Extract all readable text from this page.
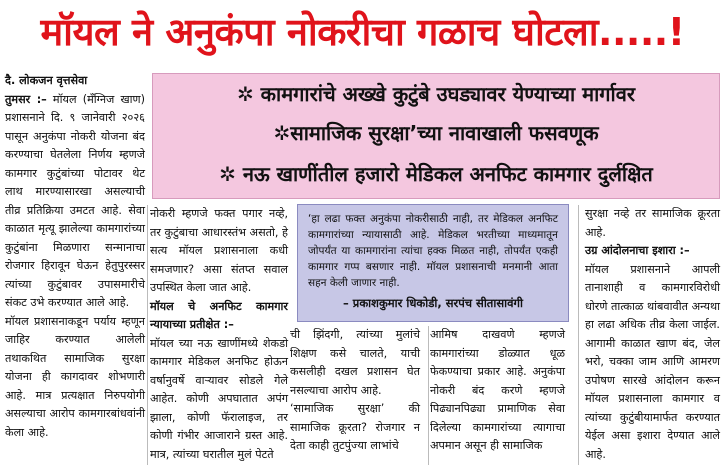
मॉयल ने अनुकंपा नोकरीचा गळाच घोटला.....!
✲ कामगारांचे अख्खे कुटुंबे उघड्यावर येण्याच्या मार्गावर
✲सामाजिक सुरक्षा’च्या नावाखाली फसवणूक
✲ नऊ खाणींतील हजारो मेडिकल अनफिट कामगार दुर्लक्षित

दै. लोकजन वृत्तसेवा

तुमसर :– मॉयल (मॅंग्निज खाण) प्रशासनाने दि. ९ जानेवारी २०२६ पासून अनुकंपा नोकरी योजना बंद करण्याचा घेतलेला निर्णय म्हणजे कामगार कुटुंबांच्या पोटावर थेट लाथ मारण्यासारखा असल्याची तीव्र प्रतिक्रिया उमटत आहे. सेवा काळात मृत्यू झालेल्या कामगारांच्या कुटुंबांना मिळणारा सन्मानाचा रोजगार हिरावून घेऊन हेतुपुरस्सर त्यांच्या कुटुंबावर उपासमारीचे संकट उभे करण्यात आले आहे.

मॉयल प्रशासनाकडून पर्याय म्हणून जाहिर करण्यात आलेली तथाकथित सामाजिक सुरक्षा योजना ही कागदावर शोभणारी आहे. मात्र प्रत्यक्षात निरुपयोगी असल्याचा आरोप कामगारबांधवांनी केला आहे.

नोकरी म्हणजे फक्त पगार नव्हे, तर कुटुंबाचा आधारस्तंभ असतो, हे सत्य मॉयल प्रशासनाला कधी समजणार? असा संतप्त सवाल उपस्थित केला जात आहे.

मॉयल चे अनफिट कामगार न्यायाच्या प्रतीक्षेत :–

मॉयल च्या नऊ खाणींमध्ये शेकडो कामगार मेडिकल अनफिट होऊन वर्षानुवर्षे वाऱ्यावर सोडले गेले आहेत. कोणी अपघातात अपंग झाला, कोणी फॅरालाइज, तर कोणी गंभीर आजाराने ग्रस्त आहे. मात्र, त्यांच्या घरातील मुलं पेटते

‘हा लढा फक्त अनुकंपा नोकरीसाठी नाही, तर मेडिकल अनफिट कामगारांच्या न्यायासाठी आहे. मेडिकल भरतीच्या माध्यमातून जोपर्यंत या कामगारांना त्यांचा हक्क मिळत नाही, तोपर्यंत एकही कामगार गप्प बसणार नाही. मॉयल प्रशासनाची मनमानी आता सहन केली जाणार नाही.
– प्रकाशकुमार धिकोडी, सरपंच सीतासावंगी

ची झिंदगी, त्यांच्या मुलांचे शिक्षण कसे चालते, याची कसलीही दखल प्रशासन घेत नसल्याचा आरोप आहे.

‘सामाजिक सुरक्षा’ की सामाजिक क्रूरता? रोजगार न देता काही तुटपुंज्या लाभांचे

आमिष दाखवणे म्हणजे कामगारांच्या डोळ्यात धूळ फेकण्याचा प्रकार आहे. अनुकंपा नोकरी बंद करणे म्हणजे पिढ्यानपिढ्या प्रामाणिक सेवा दिलेल्या कामगारांच्या त्यागाचा अपमान असून ही सामाजिक

सुरक्षा नव्हे तर सामाजिक क्रूरता आहे.

उग्र आंदोलनाचा इशारा :–

मॉयल प्रशासनाने आपली तानाशाही व कामगारविरोधी धोरणे तात्काळ थांबवावीत अन्यथा हा लढा अधिक तीव्र केला जाईल. आगामी काळात खाण बंद, जेल भरो, चक्का जाम आणि आमरण उपोषण सारखे आंदोलन करून मॉयल प्रशासनाला कामगार व त्यांच्या कुटुंबीयामार्फत करण्यात येईल असा इशारा देण्यात आले आहे.
